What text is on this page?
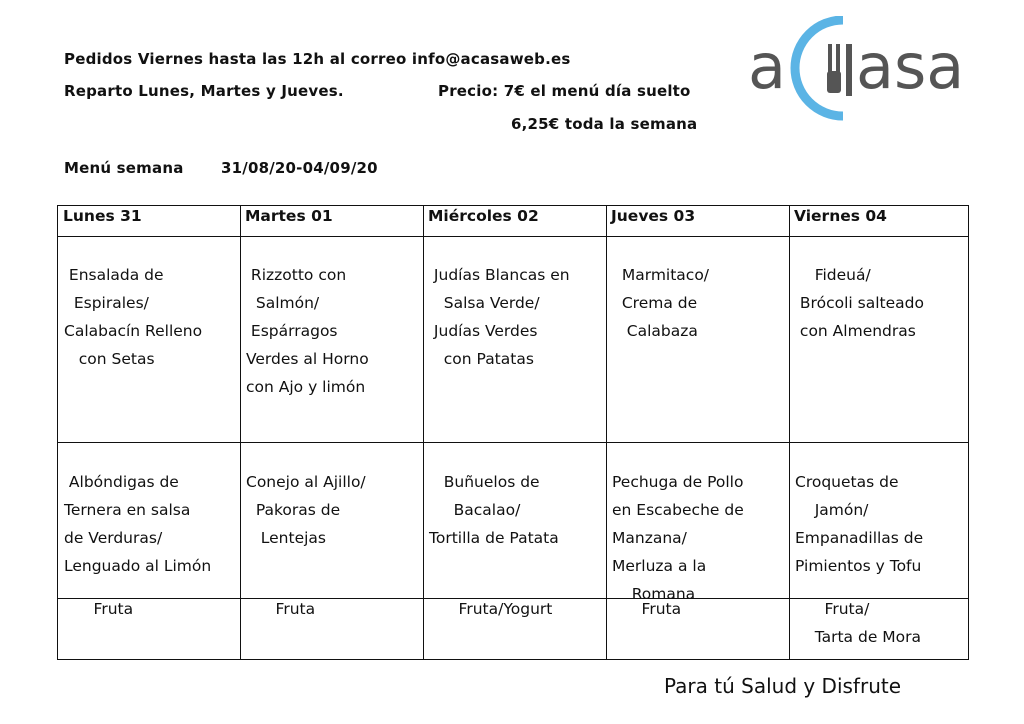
Pedidos Viernes hasta las 12h al correo info@acasaweb.es
Reparto Lunes, Martes y Jueves.	Precio: 7€ el menú día suelto
6,25€ toda la semana
Menú semana 31/08/20-04/09/20
a asa
Lunes 31
Ensalada de
Espirales/
Calabacín Relleno
con Setas
Albóndigas de
Ternera en salsa
de Verduras/
Lenguado al Limón
Fruta
Martes 01
Rizzotto con
Salmón/
Espárragos
Verdes al Horno
con Ajo y limón
Conejo al Ajillo/
Pakoras de
Lentejas
Fruta
Miércoles 02
Judías Blancas en
Salsa Verde/
Judías Verdes
con Patatas
Buñuelos de
Bacalao/
Tortilla de Patata
Fruta/Yogurt
Jueves 03
Marmitaco/
Crema de
Calabaza
Pechuga de Pollo
en Escabeche de
Manzana/
Merluza a la
Romana
Fruta
Viernes 04
Fideuá/
Brócoli salteado
con Almendras
Croquetas de
Jamón/
Empanadillas de
Pimientos y Tofu
Fruta/
Tarta de Mora
Para tú Salud y Disfrute
